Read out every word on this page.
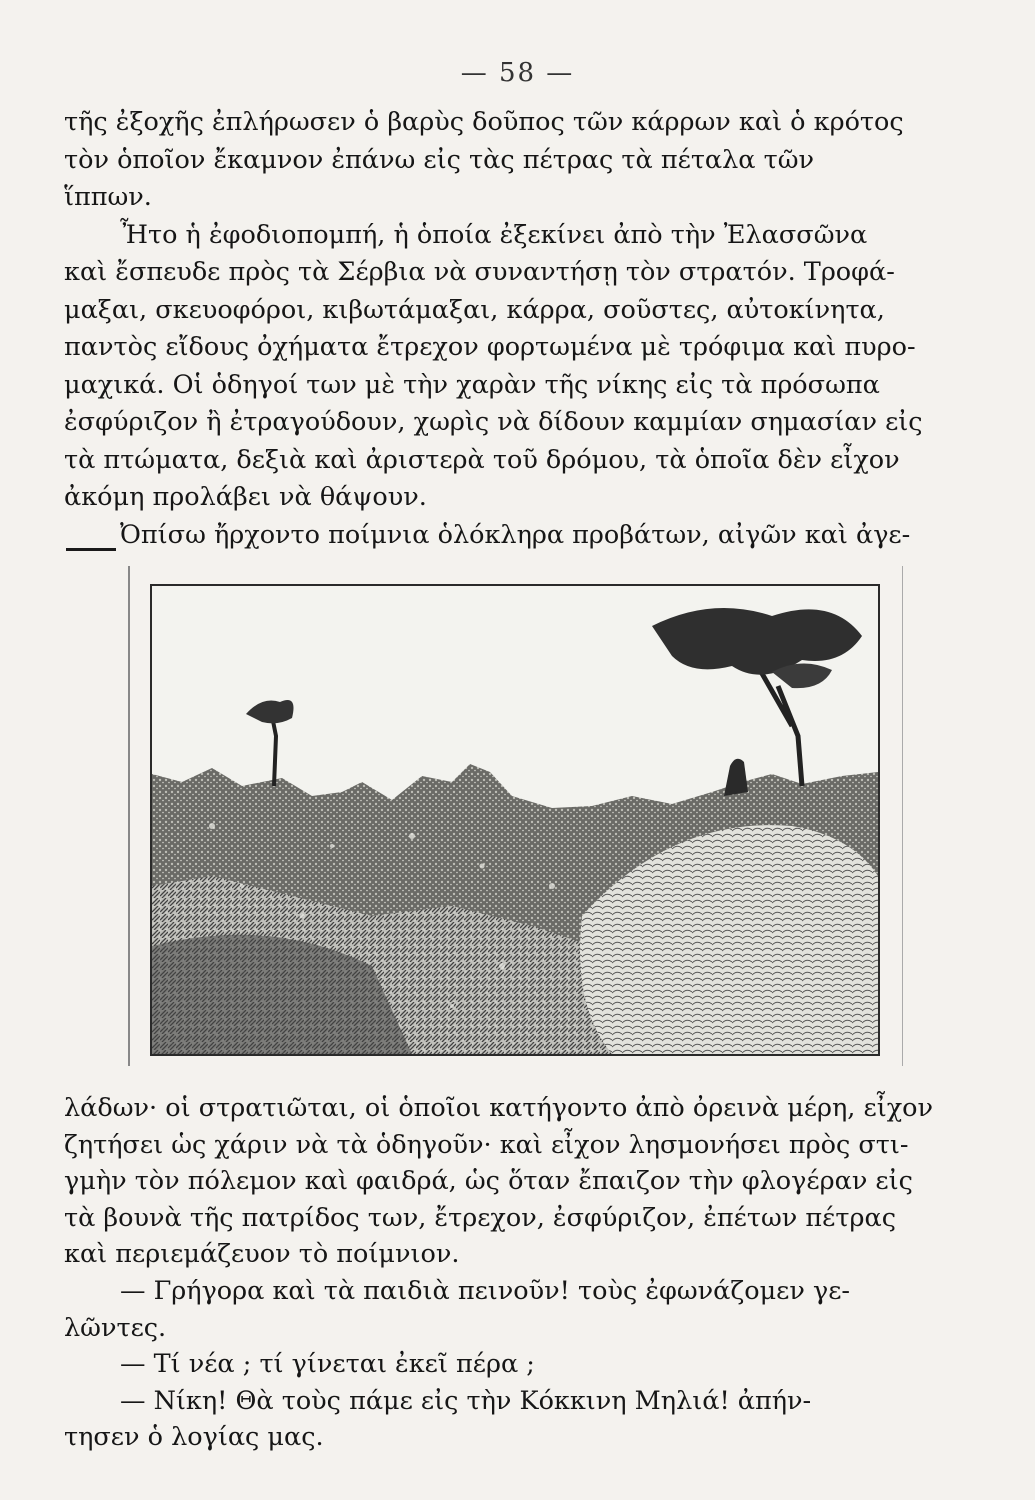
— 58 —
τῆς ἐξοχῆς ἐπλήρωσεν ὁ βαρὺς δοῦπος τῶν κάρρων καὶ ὁ κρότος
τὸν ὁποῖον ἔκαμνον ἐπάνω εἰς τὰς πέτρας τὰ πέταλα τῶν
ἵππων.
Ἦτο ἡ ἐφοδιοπομπή, ἡ ὁποία ἐξεκίνει ἀπὸ τὴν Ἐλασσῶνα
καὶ ἔσπευδε πρὸς τὰ Σέρβια νὰ συναντήσῃ τὸν στρατόν. Τροφά-
μαξαι, σκευοφόροι, κιβωτάμαξαι, κάρρα, σοῦστες, αὐτοκίνητα,
παντὸς εἴδους ὀχήματα ἔτρεχον φορτωμένα μὲ τρόφιμα καὶ πυρο-
μαχικά. Οἱ ὁδηγοί των μὲ τὴν χαρὰν τῆς νίκης εἰς τὰ πρόσωπα
ἐσφύριζον ἢ ἐτραγούδουν, χωρὶς νὰ δίδουν καμμίαν σημασίαν εἰς
τὰ πτώματα, δεξιὰ καὶ ἀριστερὰ τοῦ δρόμου, τὰ ὁποῖα δὲν εἶχον
ἀκόμη προλάβει νὰ θάψουν.
Ὀπίσω ἤρχοντο ποίμνια ὁλόκληρα προβάτων, αἰγῶν καὶ ἀγε-
λάδων· οἱ στρατιῶται, οἱ ὁποῖοι κατήγοντο ἀπὸ ὀρεινὰ μέρη, εἶχον
ζητήσει ὡς χάριν νὰ τὰ ὁδηγοῦν· καὶ εἶχον λησμονήσει πρὸς στι-
γμὴν τὸν πόλεμον καὶ φαιδρά, ὡς ὅταν ἔπαιζον τὴν φλογέραν εἰς
τὰ βουνὰ τῆς πατρίδος των, ἔτρεχον, ἐσφύριζον, ἐπέτων πέτρας
καὶ περιεμάζευον τὸ ποίμνιον.
— Γρήγορα καὶ τὰ παιδιὰ πεινοῦν! τοὺς ἐφωνάζομεν γε-
λῶντες.
— Τί νέα ; τί γίνεται ἐκεῖ πέρα ;
— Νίκη! Θὰ τοὺς πάμε εἰς τὴν Κόκκινη Μηλιά! ἀπήν-
τησεν ὁ λογίας μας.
